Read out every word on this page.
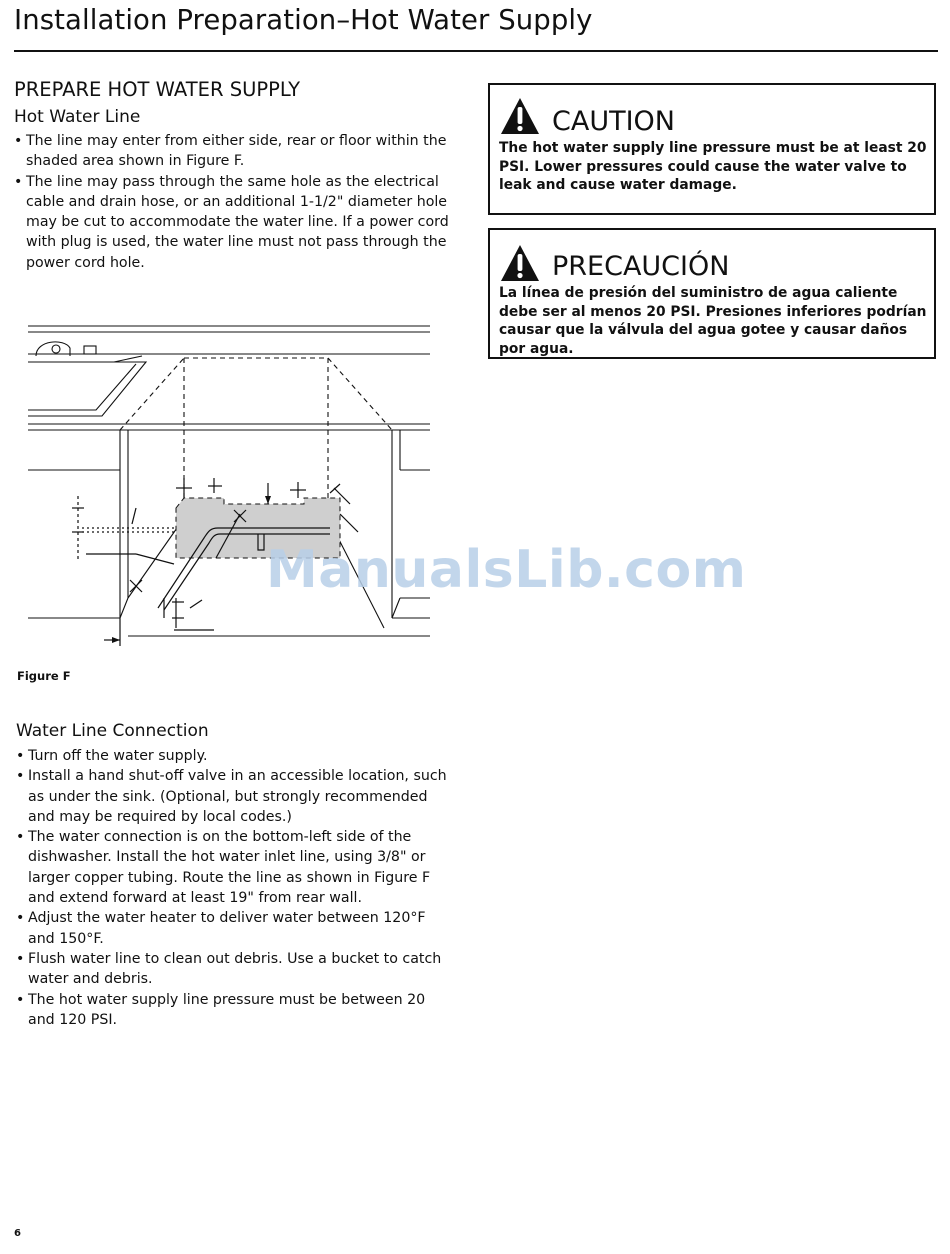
Installation Preparation–Hot Water Supply
PREPARE HOT WATER SUPPLY
Hot Water Line
• The line may enter from either side, rear or floor within the shaded area shown in Figure F.
• The line may pass through the same hole as the electrical cable and drain hose, or an additional 1-1/2" diameter hole may be cut to accommodate the water line. If a power cord with plug is used, the water line must not pass through the power cord hole.
CAUTION

The hot water supply line pressure must be at least 20 PSI. Lower pressures could cause the water valve to leak and cause water damage.

PRECAUCIÓN

La línea de presión del suministro de agua caliente debe ser al menos 20 PSI. Presiones inferiores podrían causar que la válvula del agua gotee y causar daños por agua.

Figure F

ManualsLib.com
Water Line Connection
• Turn off the water supply.
• Install a hand shut-off valve in an accessible location, such as under the sink. (Optional, but strongly recommended and may be required by local codes.)
• The water connection is on the bottom-left side of the dishwasher. Install the hot water inlet line, using 3/8" or larger copper tubing. Route the line as shown in Figure F and extend forward at least 19" from rear wall.
• Adjust the water heater to deliver water between 120°F and 150°F.
• Flush water line to clean out debris. Use a bucket to catch water and debris.
• The hot water supply line pressure must be between 20 and 120 PSI.
6
